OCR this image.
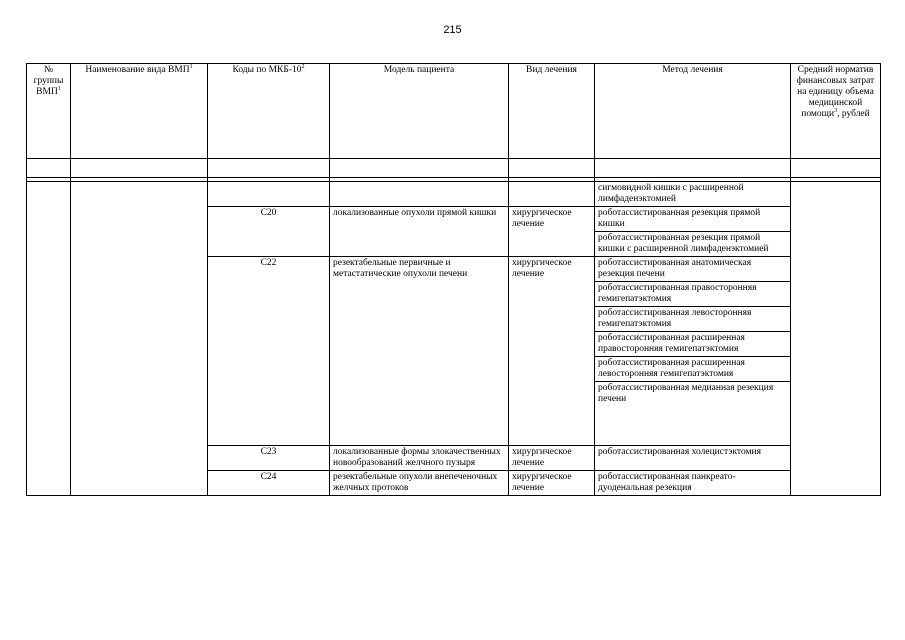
215
№ группы ВМП$^1$	Наименование вида ВМП$^1$	Коды по МКБ-$10^2$	Модель пациента	Вид лечения	Метод лечения	Средний норматив финансовых затрат на единицу объема медицинской помощи$^3$, рублей

					сигмовидной кишки с расширенной лимфаденэктомией	
		C20	локализованные опухоли прямой кишки	хирургическое лечение	роботассистированная резекция прямой кишки	
					роботассистированная резекция прямой кишки с расширенной лимфаденэктомией	
		C22	резектабельные первичные и метастатические опухоли печени	хирургическое лечение	роботассистированная анатомическая резекция печени	
					роботассистированная правосторонняя гемигепатэктомия	
					роботассистированная левосторонняя гемигепатэктомия	
					роботассистированная расширенная правосторонняя гемигепатэктомия	
					роботассистированная расширенная левосторонняя гемигепатэктомия	
					роботассистированная медианная резекция печени	
		C23	локализованные формы злокачественных новообразований желчного пузыря	хирургическое лечение	роботассистированная холецистэктомия	
		C24	резектабельные опухоли внепеченочных желчных протоков	хирургическое лечение	роботассистированная панкреато-дуоденальная резекция	
